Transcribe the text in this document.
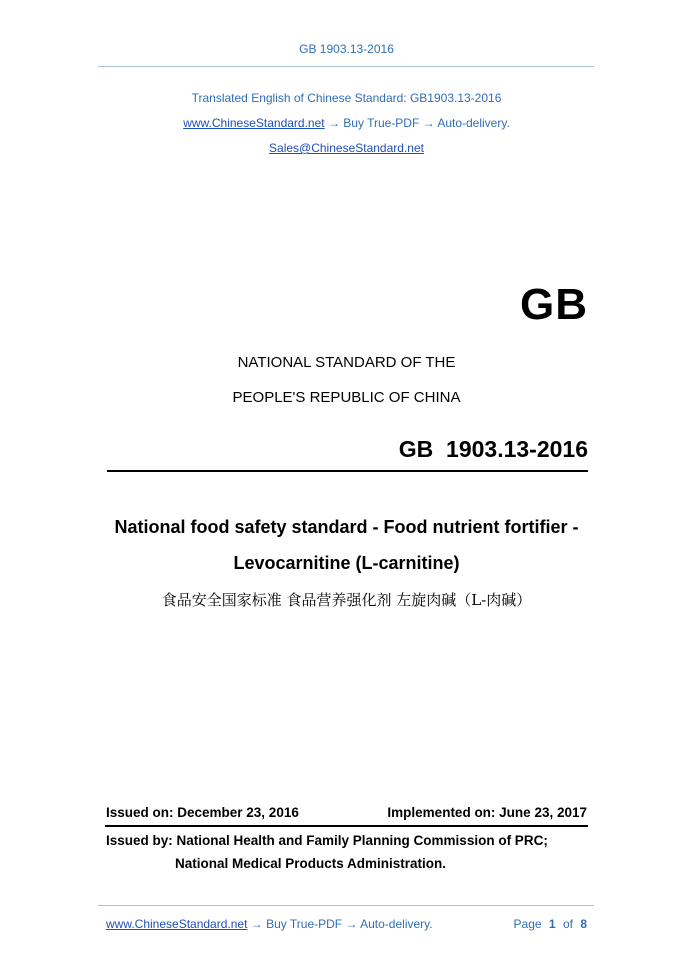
GB 1903.13-2016
Translated English of Chinese Standard: GB1903.13-2016
www.ChineseStandard.net → Buy True-PDF → Auto-delivery.
Sales@ChineseStandard.net
GB
NATIONAL STANDARD OF THE
PEOPLE'S REPUBLIC OF CHINA
GB  1903.13-2016
National food safety standard - Food nutrient fortifier -
Levocarnitine (L-carnitine)
食品安全国家标准 食品营养强化剂 左旋肉碱（L-肉碱）
Issued on: December 23, 2016	Implemented on: June 23, 2017
Issued by: National Health and Family Planning Commission of PRC;
National Medical Products Administration.
www.ChineseStandard.net → Buy True-PDF → Auto-delivery.	Page 1 of 8
